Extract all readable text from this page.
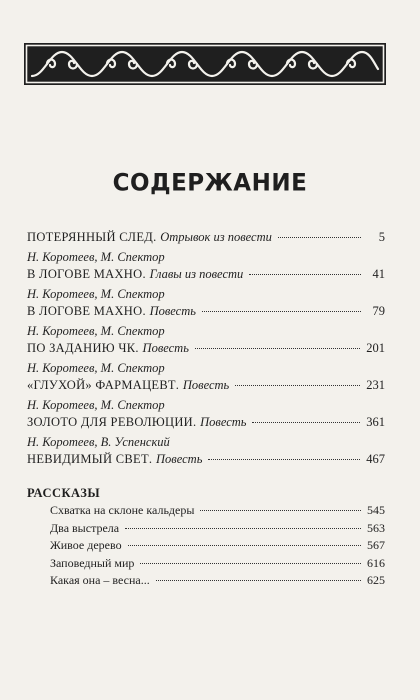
СОДЕРЖАНИЕ
ПОТЕРЯННЫЙ СЛЕД . Отрывок из повести	5
Н. Коротеев, М. Спектор
В ЛОГОВЕ МАХНО . Главы из повести	41
Н. Коротеев, М. Спектор
В ЛОГОВЕ МАХНО . Повесть	79
Н. Коротеев, М. Спектор
ПО ЗАДАНИЮ ЧК . Повесть	201
Н. Коротеев, М. Спектор
«ГЛУХОЙ» ФАРМАЦЕВТ . Повесть	231
Н. Коротеев, М. Спектор
ЗОЛОТО ДЛЯ РЕВОЛЮЦИИ . Повесть	361
Н. Коротеев, В. Успенский
НЕВИДИМЫЙ СВЕТ . Повесть	467
РАССКАЗЫ
Схватка на склоне кальдеры	545
Два выстрела	563
Живое дерево	567
Заповедный мир	616
Какая она – весна...	625
